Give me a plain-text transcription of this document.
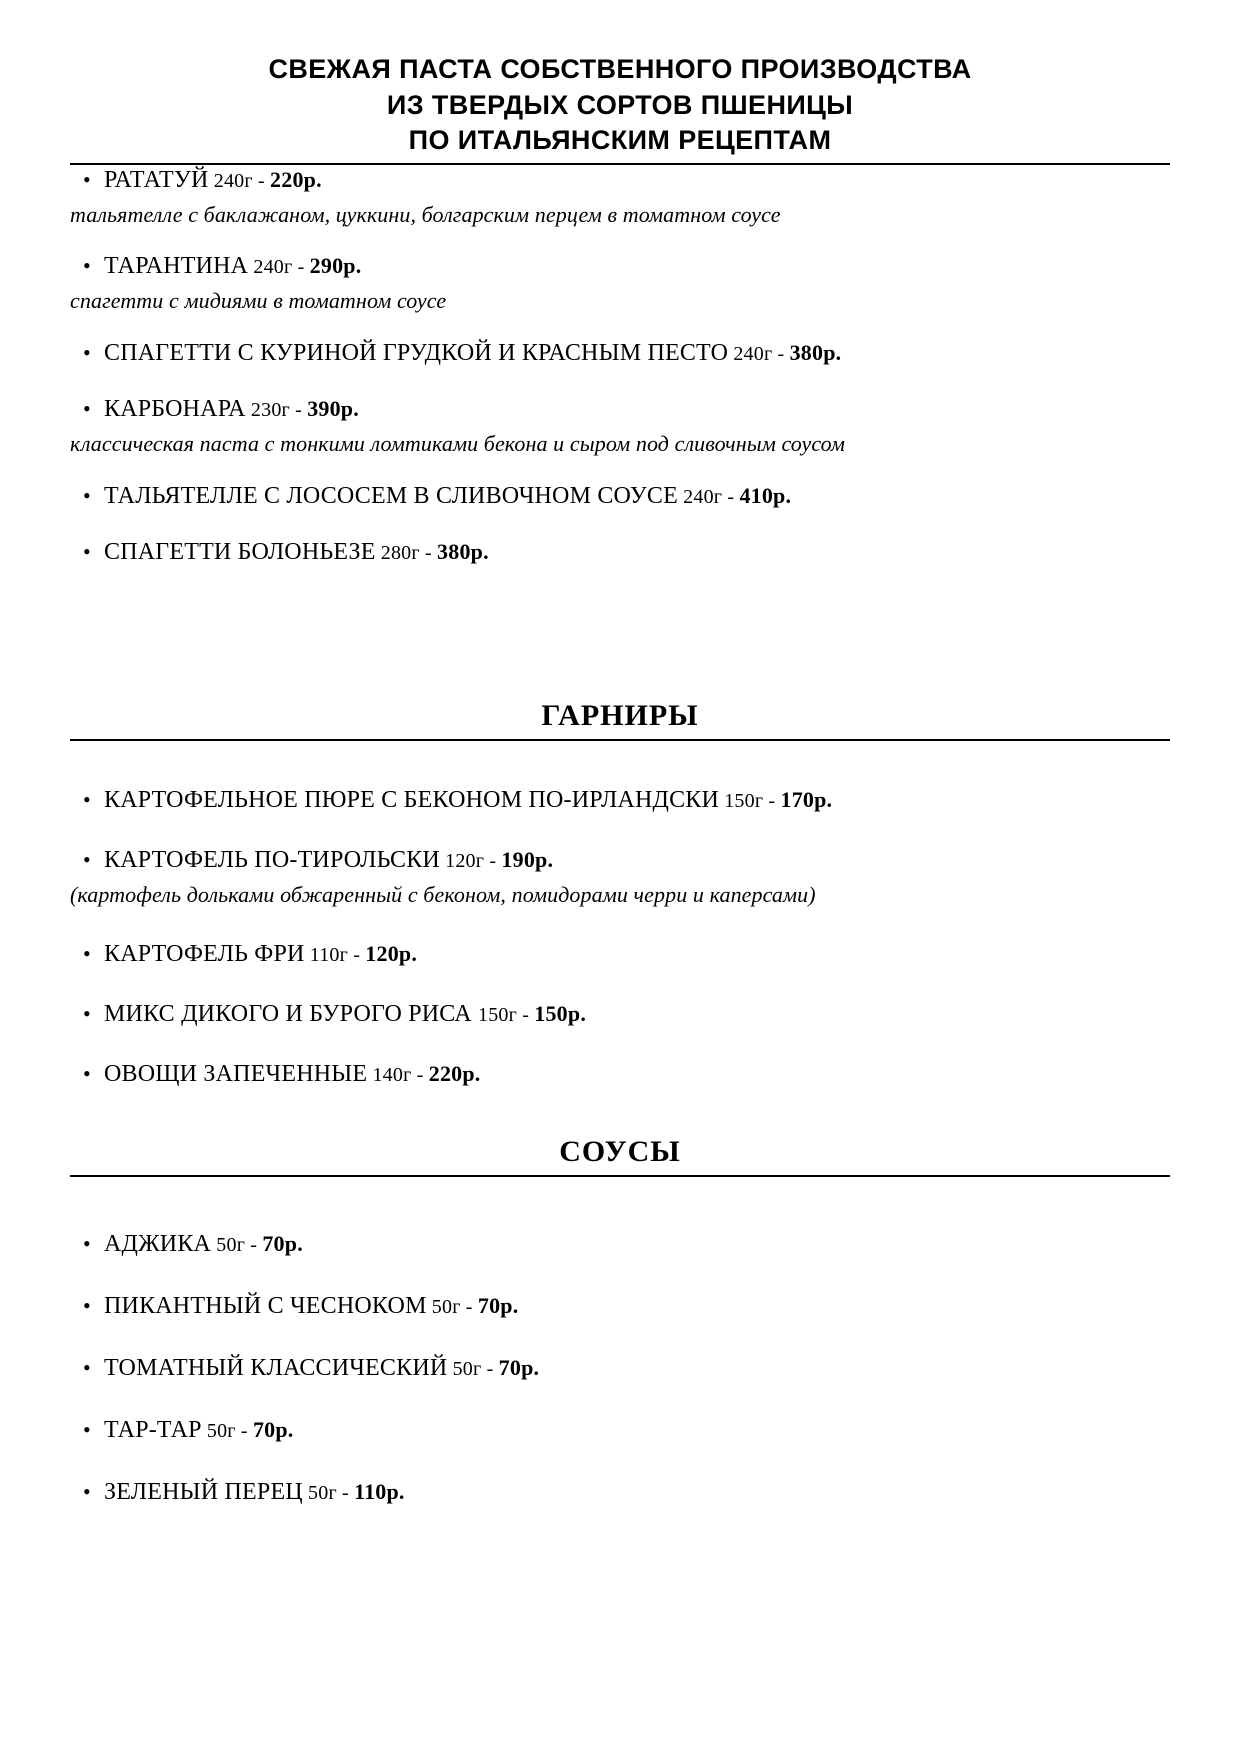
СВЕЖАЯ ПАСТА СОБСТВЕННОГО ПРОИЗВОДСТВА
ИЗ ТВЕРДЫХ СОРТОВ ПШЕНИЦЫ
ПО ИТАЛЬЯНСКИМ РЕЦЕПТАМ
• РАТАТУЙ 240г - 220р.
тальятелле с баклажаном, цуккини, болгарским перцем в томатном соусе
• ТАРАНТИНА 240г - 290р.
спагетти с мидиями в томатном соусе
• СПАГЕТТИ С КУРИНОЙ ГРУДКОЙ И КРАСНЫМ ПЕСТО 240г - 380р.
• КАРБОНАРА 230г - 390р.
классическая паста с тонкими ломтиками бекона и сыром под сливочным соусом
• ТАЛЬЯТЕЛЛЕ С ЛОСОСЕМ В СЛИВОЧНОМ СОУСЕ 240г - 410р.
• СПАГЕТТИ БОЛОНЬЕЗЕ 280г - 380р.
ГАРНИРЫ
• КАРТОФЕЛЬНОЕ ПЮРЕ С БЕКОНОМ ПО-ИРЛАНДСКИ 150г - 170р.
• КАРТОФЕЛЬ ПО-ТИРОЛЬСКИ 120г - 190р.
(картофель дольками обжаренный с беконом, помидорами черри и каперсами)
• КАРТОФЕЛЬ ФРИ 110г - 120р.
• МИКС ДИКОГО И БУРОГО РИСА 150г - 150р.
• ОВОЩИ ЗАПЕЧЕННЫЕ 140г - 220р.
СОУСЫ
• АДЖИКА 50г - 70р.
• ПИКАНТНЫЙ С ЧЕСНОКОМ 50г - 70р.
• ТОМАТНЫЙ КЛАССИЧЕСКИЙ 50г - 70р.
• ТАР-ТАР 50г - 70р.
• ЗЕЛЕНЫЙ ПЕРЕЦ 50г - 110р.
